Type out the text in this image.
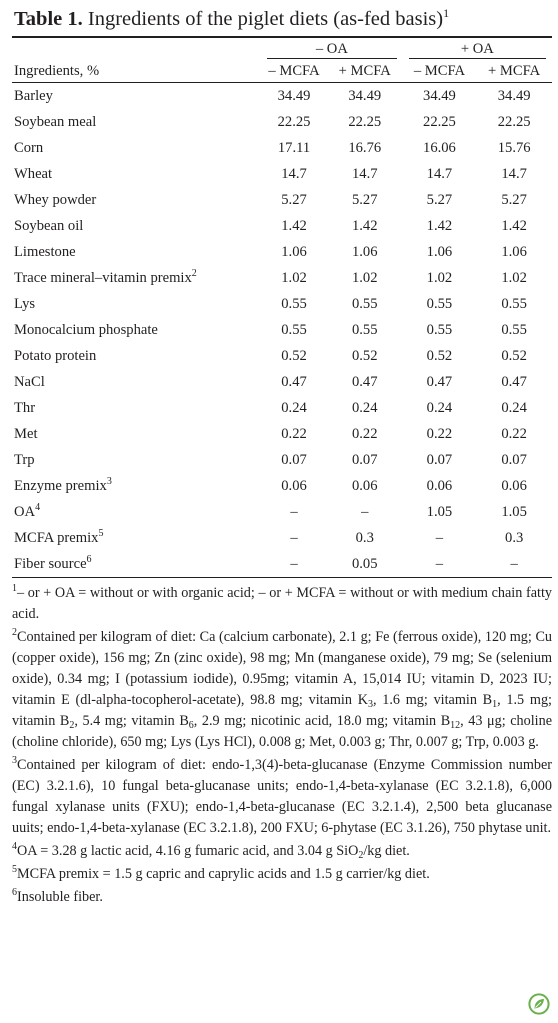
Table 1. Ingredients of the piglet diets (as-fed basis)$^1$

	– OA		+ OA	

Ingredients, %	– MCFA	+ MCFA	– MCFA	+ MCFA

Barley	34.49	34.49	34.49	34.49
Soybean meal	22.25	22.25	22.25	22.25
Corn	17.11	16.76	16.06	15.76
Wheat	14.7	14.7	14.7	14.7
Whey powder	5.27	5.27	5.27	5.27
Soybean oil	1.42	1.42	1.42	1.42
Limestone	1.06	1.06	1.06	1.06
Trace mineral–vitamin premix$^2$	1.02	1.02	1.02	1.02
Lys	0.55	0.55	0.55	0.55
Monocalcium phosphate	0.55	0.55	0.55	0.55
Potato protein	0.52	0.52	0.52	0.52
NaCl	0.47	0.47	0.47	0.47
Thr	0.24	0.24	0.24	0.24
Met	0.22	0.22	0.22	0.22
Trp	0.07	0.07	0.07	0.07
Enzyme premix$^3$	0.06	0.06	0.06	0.06
$OA^4$	–	–	1.05	1.05
MCFA premix$^5$	–	0.3	–	0.3
Fiber source$^6$	–	0.05	–	–

$^1$– or + OA = without or with organic acid; – or + MCFA = without or with medium chain fatty acid.

$^2$Contained per kilogram of diet: Ca (calcium carbonate), 2.1 g; Fe (ferrous oxide), 120 mg; Cu (copper oxide), 156 mg; Zn (zinc oxide), 98 mg; Mn (manganese oxide), 79 mg; Se (selenium oxide), 0.34 mg; I (potassium iodide), 0.95mg; vitamin A, 15,014 IU; vitamin D, 2023 IU; vitamin E (dl-alpha-tocopherol-acetate), 98.8 mg; vitamin $K_3$, 1.6 mg; vitamin $B_1$, 1.5 mg; vitamin $B_2$, 5.4 mg; vitamin $B_6$, 2.9 mg; nicotinic acid, 18.0 mg; vitamin $B_{12}$, 43 μg; choline (choline chloride), 650 mg; Lys (Lys HCl), 0.008 g; Met, 0.003 g; Thr, 0.007 g; Trp, 0.003 g.

$^3$Contained per kilogram of diet: endo-1,3(4)-beta-glucanase (Enzyme Commission number (EC) 3.2.1.6), 10 fungal beta-glucanase units; endo-1,4-beta-xylanase (EC 3.2.1.8), 6,000 fungal xylanase units (FXU); endo-1,4-beta-glucanase (EC 3.2.1.4), 2,500 beta glucanase uuits; endo-1,4-beta-xylanase (EC 3.2.1.8), 200 FXU; 6-phytase (EC 3.1.26), 750 phytase unit.

$^4$OA = 3.28 g lactic acid, 4.16 g fumaric acid, and 3.04 g SiO$_2$/kg diet.

$^5$MCFA premix = 1.5 g capric and caprylic acids and 1.5 g carrier/kg diet.

$^6$Insoluble fiber.
